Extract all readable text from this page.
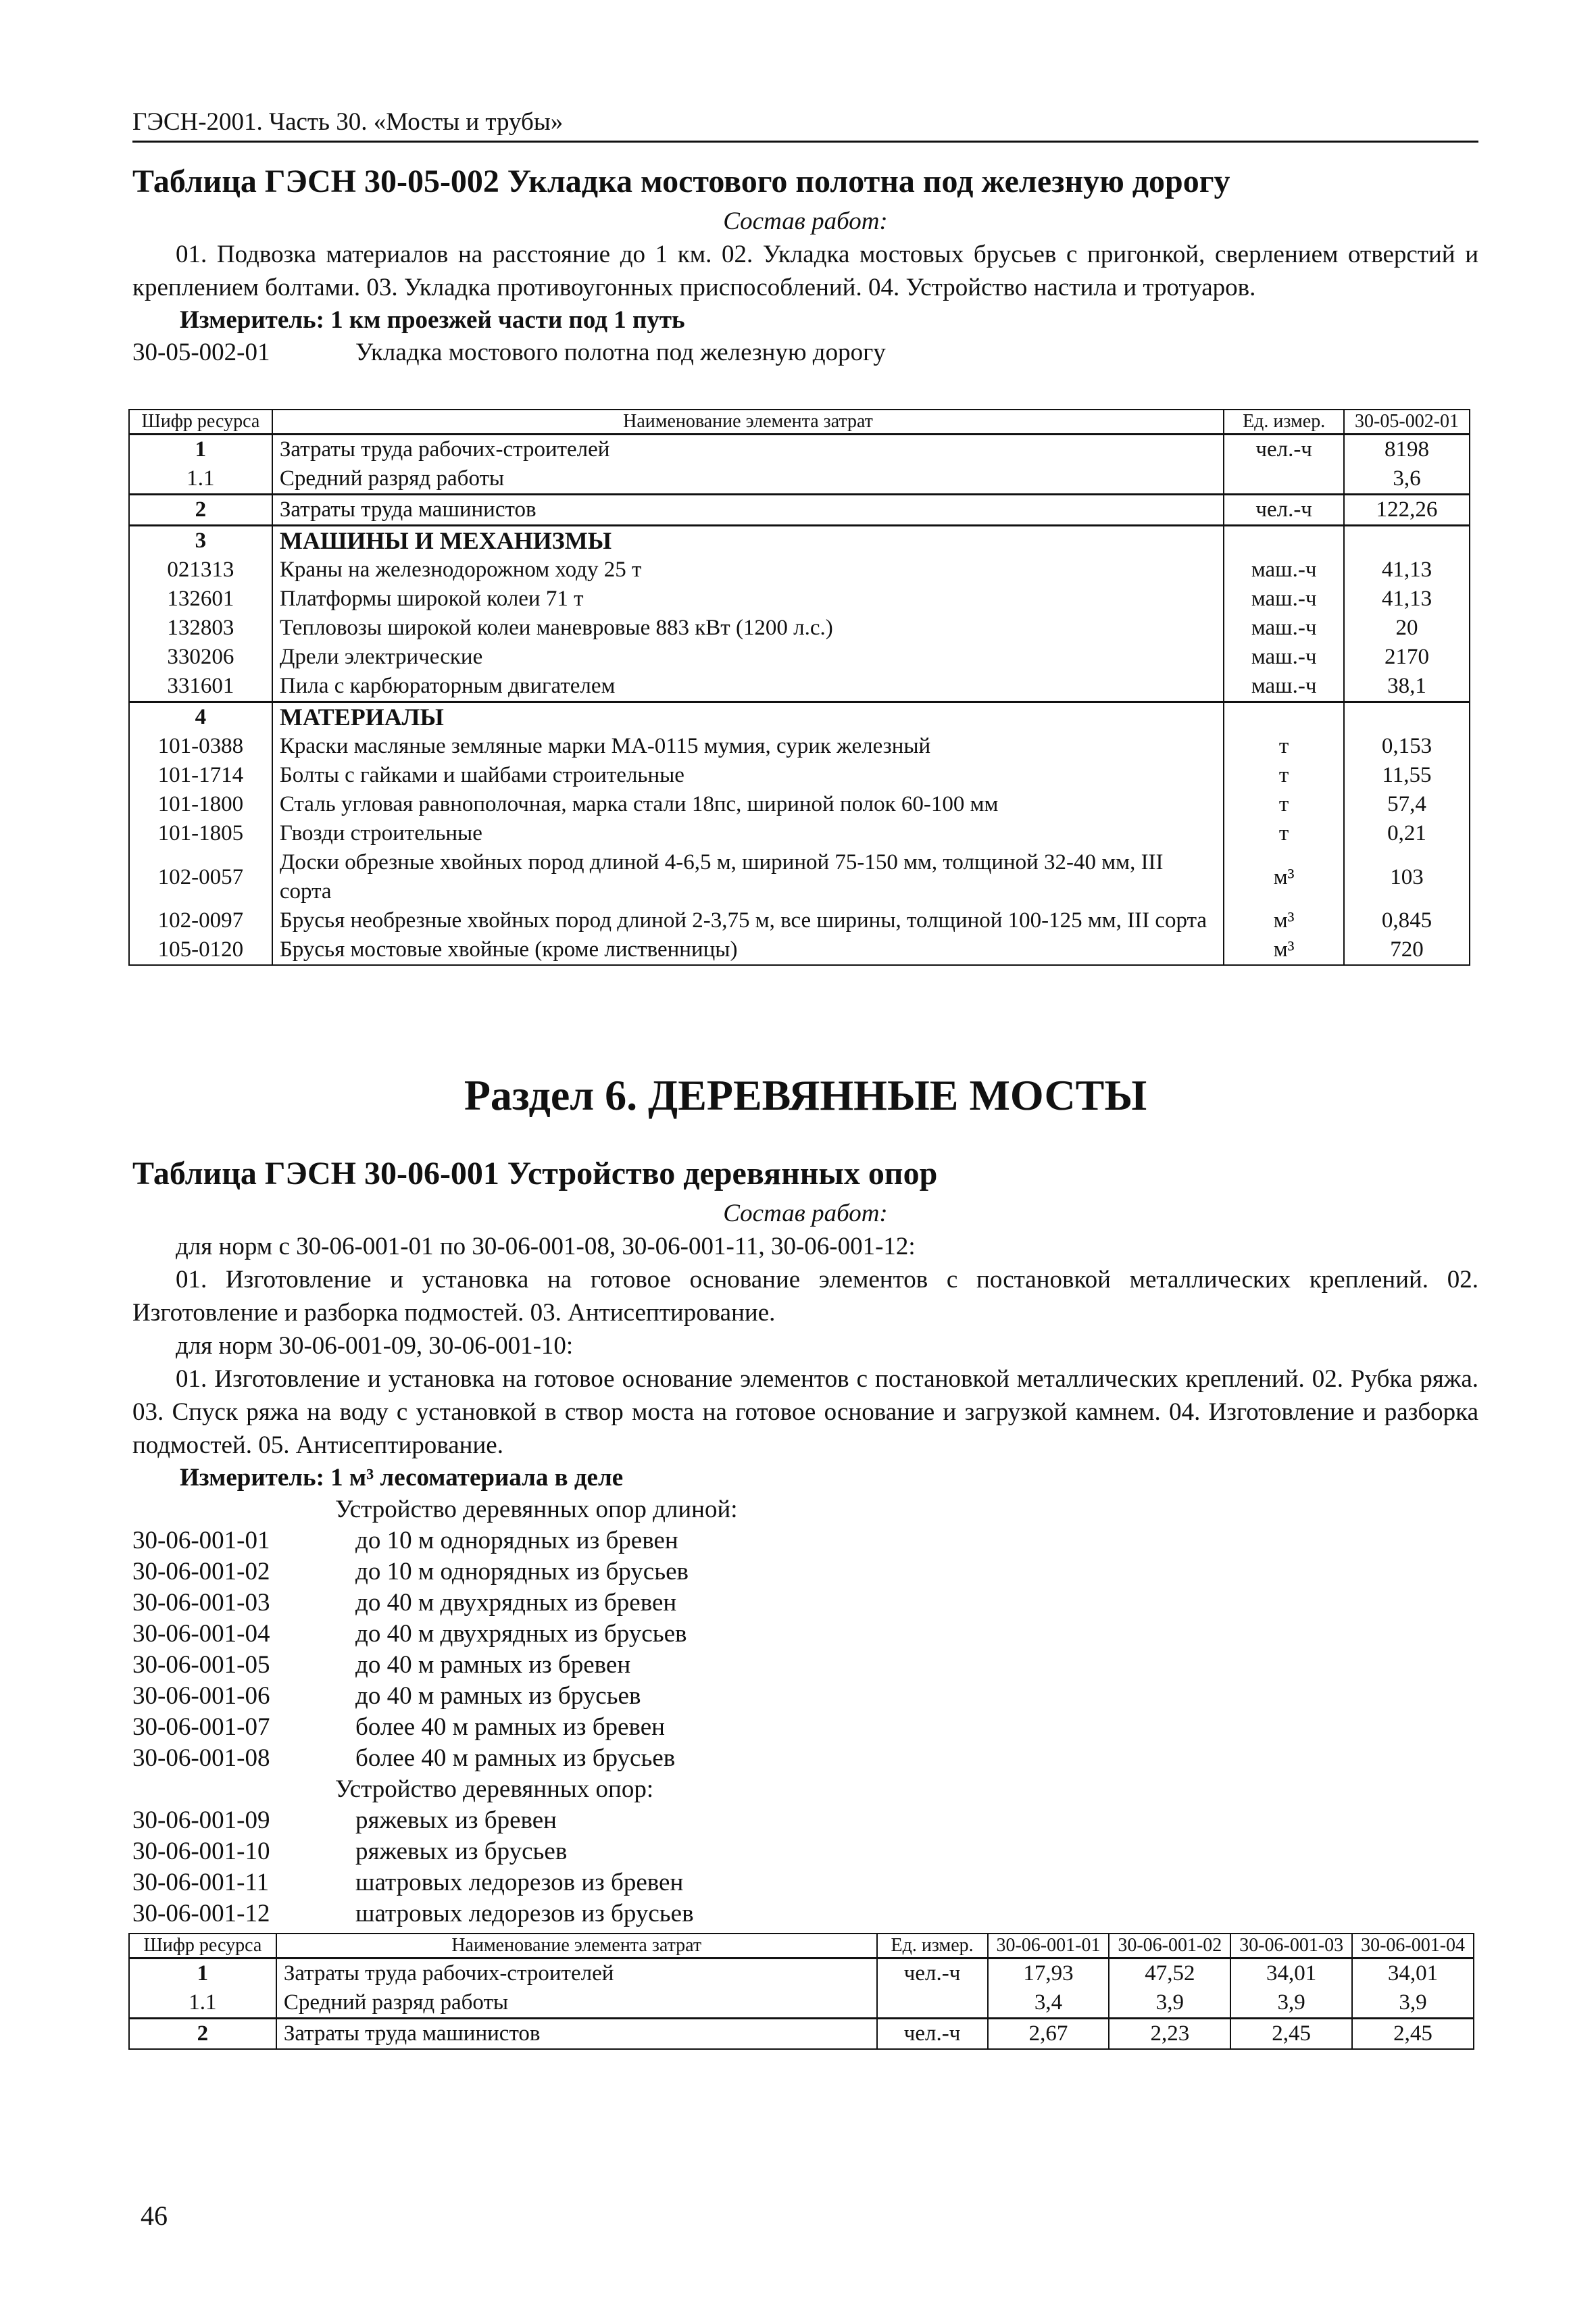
ГЭСН-2001. Часть 30. «Мосты и трубы»
Таблица ГЭСН 30-05-002 Укладка мостового полотна под железную дорогу
Состав работ:
01. Подвозка материалов на расстояние до 1 км. 02. Укладка мостовых брусьев с пригонкой, сверлением отверстий и креплением болтами. 03. Укладка противоугонных приспособлений. 04. Устройство настила и тротуаров.
Измеритель: 1 км проезжей части под 1 путь
30-05-002-01	Укладка мостового полотна под железную дорогу
Шифр ресурса	Наименование элемента затрат	Ед. измер.	30-05-002-01
1	Затраты труда рабочих-строителей	чел.-ч	8198
1.1	Средний разряд работы		3,6
2	Затраты труда машинистов	чел.-ч	122,26
3	МАШИНЫ И МЕХАНИЗМЫ		
021313	Краны на железнодорожном ходу 25 т	маш.-ч	41,13
132601	Платформы широкой колеи 71 т	маш.-ч	41,13
132803	Тепловозы широкой колеи маневровые 883 кВт (1200 л.с.)	маш.-ч	20
330206	Дрели электрические	маш.-ч	2170
331601	Пила с карбюраторным двигателем	маш.-ч	38,1
4	МАТЕРИАЛЫ		
101-0388	Краски масляные земляные марки МА-0115 мумия, сурик железный	т	0,153
101-1714	Болты с гайками и шайбами строительные	т	11,55
101-1800	Сталь угловая равнополочная, марка стали 18пс, шириной полок 60-100 мм	т	57,4
101-1805	Гвозди строительные	т	0,21
102-0057	Доски обрезные хвойных пород длиной 4-6,5 м, шириной 75-150 мм, толщиной 32-40 мм, III сорта	м³	103
102-0097	Брусья необрезные хвойных пород длиной 2-3,75 м, все ширины, толщиной 100-125 мм, III сорта	м³	0,845
105-0120	Брусья мостовые хвойные (кроме лиственницы)	м³	720
Раздел 6. ДЕРЕВЯННЫЕ МОСТЫ
Таблица ГЭСН 30-06-001 Устройство деревянных опор
Состав работ:
для норм с 30-06-001-01 по 30-06-001-08, 30-06-001-11, 30-06-001-12:
01. Изготовление и установка на готовое основание элементов с постановкой металлических креплений. 02. Изготовление и разборка подмостей. 03. Антисептирование.
для норм 30-06-001-09, 30-06-001-10:
01. Изготовление и установка на готовое основание элементов с постановкой металлических креплений. 02. Рубка ряжа. 03. Спуск ряжа на воду с установкой в створ моста на готовое основание и загрузкой камнем. 04. Изготовление и разборка подмостей. 05. Антисептирование.
Измеритель: 1 м³ лесоматериала в деле
Устройство деревянных опор длиной:
30-06-001-01	до 10 м однорядных из бревен
30-06-001-02	до 10 м однорядных из брусьев
30-06-001-03	до 40 м двухрядных из бревен
30-06-001-04	до 40 м двухрядных из брусьев
30-06-001-05	до 40 м рамных из бревен
30-06-001-06	до 40 м рамных из брусьев
30-06-001-07	более 40 м рамных из бревен
30-06-001-08	более 40 м рамных из брусьев
Устройство деревянных опор:
30-06-001-09	ряжевых из бревен
30-06-001-10	ряжевых из брусьев
30-06-001-11	шатровых ледорезов из бревен
30-06-001-12	шатровых ледорезов из брусьев
Шифр ресурса	Наименование элемента затрат	Ед. измер.	30-06-001-01	30-06-001-02	30-06-001-03	30-06-001-04
1	Затраты труда рабочих-строителей	чел.-ч	17,93	47,52	34,01	34,01
1.1	Средний разряд работы		3,4	3,9	3,9	3,9
2	Затраты труда машинистов	чел.-ч	2,67	2,23	2,45	2,45
46
